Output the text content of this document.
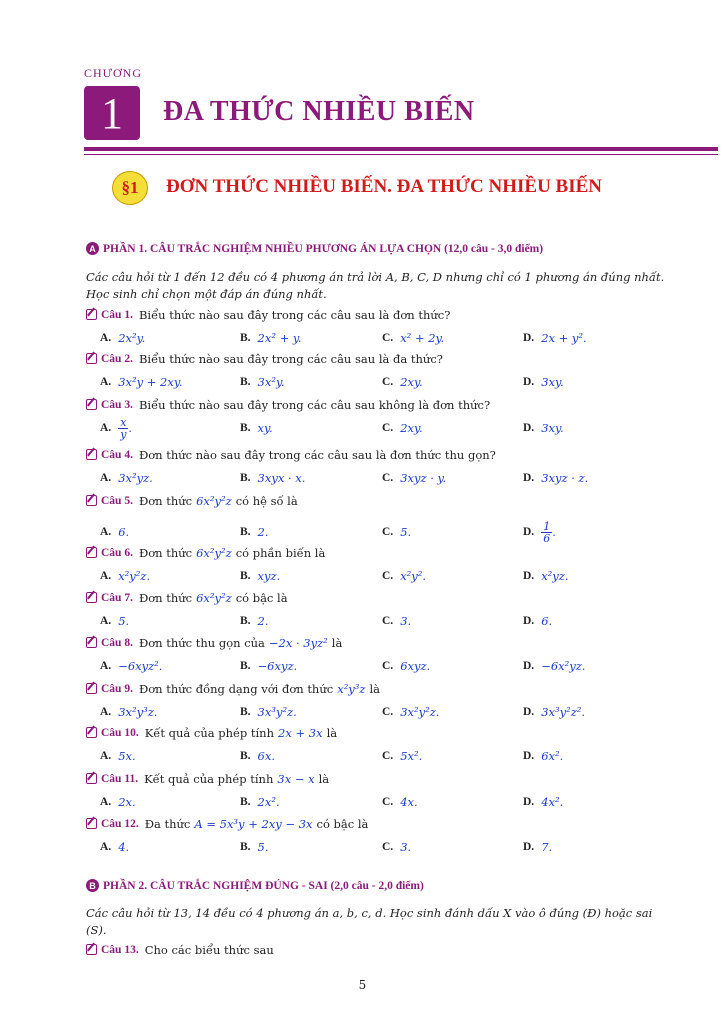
CHƯƠNG
1	ĐA THỨC NHIỀU BIẾN
§1	ĐƠN THỨC NHIỀU BIẾN. ĐA THỨC NHIỀU BIẾN
A PHẦN 1. CÂU TRẮC NGHIỆM NHIỀU PHƯƠNG ÁN LỰA CHỌN (12,0 câu - 3,0 điểm)
Các câu hỏi từ 1 đến 12 đều có 4 phương án trả lời A, B, C, D nhưng chỉ có 1 phương án đúng nhất. Học sinh chỉ chọn một đáp án đúng nhất.
Câu 1. Biểu thức nào sau đây trong các câu sau là đơn thức?
A. 2x²y.	B. 2x² + y.	C. x² + 2y.	D. 2x + y².
Câu 2. Biểu thức nào sau đây trong các câu sau là đa thức?
A. 3x²y + 2xy.	B. 3x²y.	C. 2xy.	D. 3xy.
Câu 3. Biểu thức nào sau đây trong các câu sau không là đơn thức?
A. $\frac{x}{y}$ .	B. xy.	C. 2xy.	D. 3xy.
Câu 4. Đơn thức nào sau đây trong các câu sau là đơn thức thu gọn?
A. 3x²yz.	B. 3xyx · x.	C. 3xyz · y.	D. 3xyz · z.
Câu 5. Đơn thức 6x²y²z có hệ số là
A. 6.	B. 2.	C. 5.	D. $\frac{1}{6}$ .
Câu 6. Đơn thức 6x²y²z có phần biến là
A. x²y²z.	B. xyz.	C. x²y².	D. x²yz.
Câu 7. Đơn thức 6x²y²z có bậc là
A. 5.	B. 2.	C. 3.	D. 6.
Câu 8. Đơn thức thu gọn của −2x · 3yz² là
A. −6xyz².	B. −6xyz.	C. 6xyz.	D. −6x²yz.
Câu 9. Đơn thức đồng dạng với đơn thức x²y³z là
A. 3x²y³z.	B. 3x³y²z.	C. 3x²y²z.	D. 3x³y²z².
Câu 10. Kết quả của phép tính 2x + 3x là
A. 5x.	B. 6x.	C. 5x².	D. 6x².
Câu 11. Kết quả của phép tính 3x − x là
A. 2x.	B. 2x².	C. 4x.	D. 4x².
Câu 12. Đa thức A = 5x³y + 2xy − 3x có bậc là
A. 4.	B. 5.	C. 3.	D. 7.
B PHẦN 2. CÂU TRẮC NGHIỆM ĐÚNG - SAI (2,0 câu - 2,0 điểm)
Các câu hỏi từ 13, 14 đều có 4 phương án a, b, c, d. Học sinh đánh dấu X vào ô đúng (Đ) hoặc sai (S).
Câu 13. Cho các biểu thức sau
5
